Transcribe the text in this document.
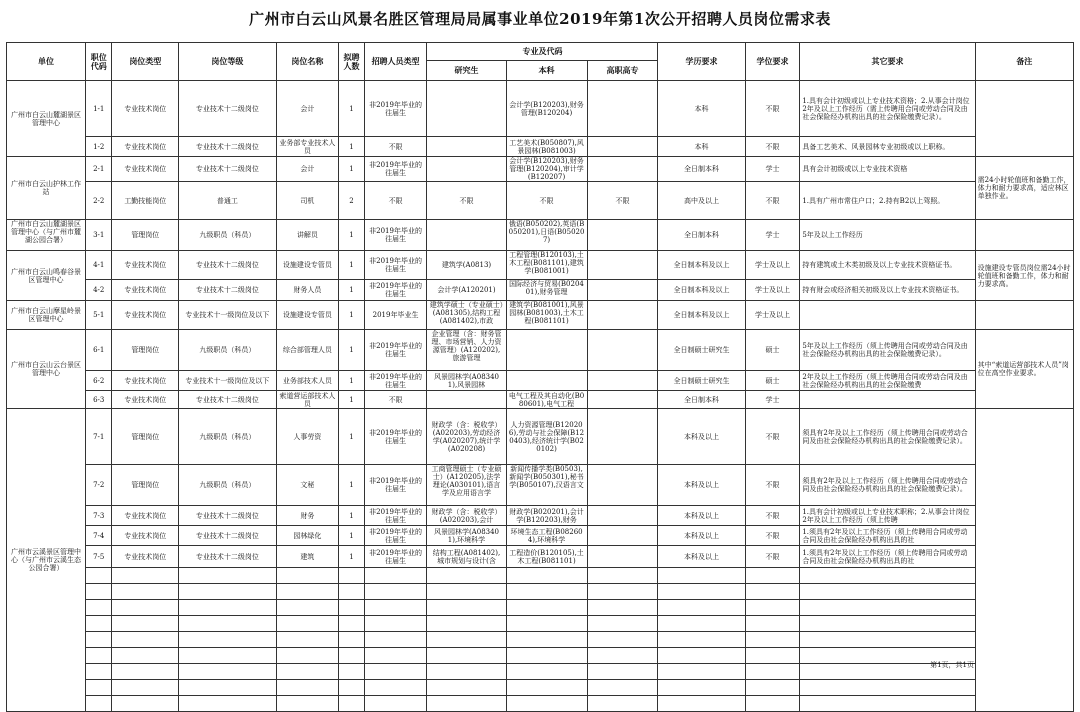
广州市白云山风景名胜区管理局局属事业单位2019年第1次公开招聘人员岗位需求表
单位	职位代码	岗位类型	岗位等级	岗位名称	拟聘人数	招聘人员类型	专业及代码			学历要求	学位要求	其它要求	备注
							研究生	本科	高职高专				
广州市白云山麓湖景区管理中心	1-1	专业技术岗位	专业技术十二级岗位	会计	1	非2019年毕业的往届生		会计学(B120203),财务管理(B120204)		本科	不限	1.具有会计初级或以上专业技术资格；2.从事会计岗位2年及以上工作经历（需上传聘用合同或劳动合同及由社会保险经办机构出具的社会保险缴费记录）。	
	1-2	专业技术岗位	专业技术十二级岗位	业务部专业技术人员	1	不限		工艺美术(B050807),风景园林(B081003)		本科	不限	具备工艺美术、风景园林专业初级或以上职称。	
广州市白云山护林工作站	2-1	专业技术岗位	专业技术十二级岗位	会计	1	非2019年毕业的往届生		会计学(B120203),财务管理(B120204),审计学(B120207)		全日制本科	学士	具有会计初级或以上专业技术资格	需24小时轮值班和备勤工作，体力和耐力要求高，适应林区单独作业。
	2-2	工勤技能岗位	普通工	司机	2	不限	不限	不限	不限	高中及以上	不限	1.具有广州市常住户口；2.持有B2以上驾照。	

广州市白云山麓湖景区管理中心（与广州市麓湖公园合署）	3-1	管理岗位	九级职员（科员）	讲解员	1	非2019年毕业的往届生		俄语(B050202),英语(B050201),日语(B050207)		全日制本科	学士	5年及以上工作经历	
广州市白云山鸣春谷景区管理中心	4-1	专业技术岗位	专业技术十二级岗位	设施建设专管员	1	非2019年毕业的往届生	建筑学(A0813)	工程管理(B120103),土木工程(B081101),建筑学(B081001)		全日制本科及以上	学士及以上	持有建筑或土木类初级及以上专业技术资格证书。	设施建设专管员岗位需24小时轮值班和备勤工作，体力和耐力要求高。
	4-2	专业技术岗位	专业技术十二级岗位	财务人员	1	非2019年毕业的往届生	会计学(A120201)	国际经济与贸易(B020401),财务管理		全日制本科及以上	学士及以上	持有财会或经济相关初级及以上专业技术资格证书。	
广州市白云山摩星岭景区管理中心	5-1	专业技术岗位	专业技术十一级岗位及以下	设施建设专管员	1	2019年毕业生	建筑学硕士（专业硕士）(A081305),结构工程(A081402),市政	建筑学(B081001),风景园林(B081003),土木工程(B081101)		全日制本科及以上	学士及以上		
广州市白云山云台景区管理中心	6-1	管理岗位	九级职员（科员）	综合部管理人员	1	非2019年毕业的往届生	企业管理（含：财务管理、市场营销、人力资源管理）(A120202),旅游管理			全日制硕士研究生	硕士	5年及以上工作经历（须上传聘用合同或劳动合同及由社会保险经办机构出具的社会保险缴费记录）。	其中“索道运营部技术人员”岗位在高空作业要求。
	6-2	专业技术岗位	专业技术十一级岗位及以下	业务部技术人员	1	非2019年毕业的往届生	风景园林学(A083401),风景园林			全日制硕士研究生	硕士	2年及以上工作经历（须上传聘用合同或劳动合同及由社会保险经办机构出具的社会保险缴费	

	6-3	专业技术岗位	专业技术十二级岗位	索道营运部技术人员	1	不限		电气工程及其自动化(B080601),电气工程		全日制本科	学士		
广州市云溪景区管理中心（与广州市云溪生态公园合署）	7-1	管理岗位	九级职员（科员）	人事劳资	1	非2019年毕业的往届生	财政学（含：税收学）(A020203),劳动经济学(A020207),统计学(A020208)	人力资源管理(B120206),劳动与社会保障(B120403),经济统计学(B020102)		本科及以上	不限	须具有2年及以上工作经历（须上传聘用合同或劳动合同及由社会保险经办机构出具的社会保险缴费记录）。	
	7-2	管理岗位	九级职员（科员）	文秘	1	非2019年毕业的往届生	工商管理硕士（专业硕士）(A120205),法学理论(A030101),语言学及应用语言学	新闻传播学类(B0503),新闻学(B050301),秘书学(B050107),汉语言文		本科及以上	不限	须具有2年及以上工作经历（须上传聘用合同或劳动合同及由社会保险经办机构出具的社会保险缴费记录）。	
	7-3	专业技术岗位	专业技术十二级岗位	财务	1	非2019年毕业的往届生	财政学（含：税收学）(A020203),会计	财政学(B020201),会计学(B120203),财务		本科及以上	不限	1.具有会计初级或以上专业技术职称；2.从事会计岗位2年及以上工作经历（须上传聘	

	7-4	专业技术岗位	专业技术十二级岗位	园林绿化	1	非2019年毕业的往届生	风景园林学(A083401),环境科学	环境生态工程(B082604),环境科学		本科及以上	不限	1.须具有2年及以上工作经历（须上传聘用合同或劳动合同及由社会保险经办机构出具的社	

	7-5	专业技术岗位	专业技术十二级岗位	建筑	1	非2019年毕业的往届生	结构工程(A081402),城市规划与设计(含	工程造价(B120105),土木工程(B081101)		本科及以上	不限	1.须具有2年及以上工作经历（须上传聘用合同或劳动合同及由社会保险经办机构出具的社	

第1页，共1页
